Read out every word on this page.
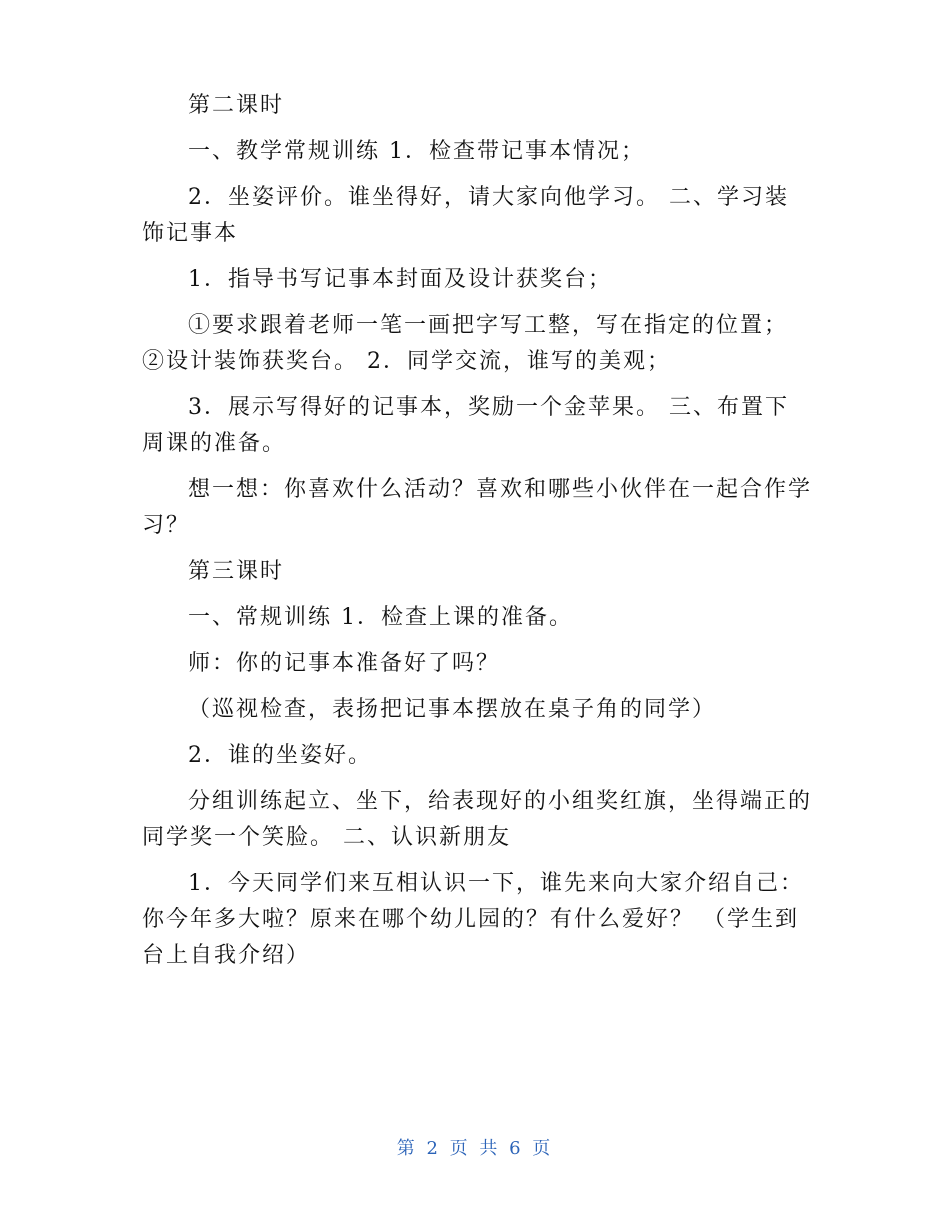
第二课时

一、教学常规训练 1．检查带记事本情况；

2．坐姿评价。谁坐得好，请大家向他学习。 二、学习装饰记事本

1．指导书写记事本封面及设计获奖台；

①要求跟着老师一笔一画把字写工整，写在指定的位置； ②设计装饰获奖台。 2．同学交流，谁写的美观；

3．展示写得好的记事本，奖励一个金苹果。 三、布置下周课的准备。

想一想：你喜欢什么活动？喜欢和哪些小伙伴在一起合作学习？

第三课时

一、常规训练 1．检查上课的准备。

师：你的记事本准备好了吗？

（巡视检查，表扬把记事本摆放在桌子角的同学）

2．谁的坐姿好。

分组训练起立、坐下，给表现好的小组奖红旗，坐得端正的同学奖一个笑脸。 二、认识新朋友

1．今天同学们来互相认识一下，谁先来向大家介绍自己：你今年多大啦？原来在哪个幼儿园的？有什么爱好？ （学生到台上自我介绍）

第 2 页 共 6 页
